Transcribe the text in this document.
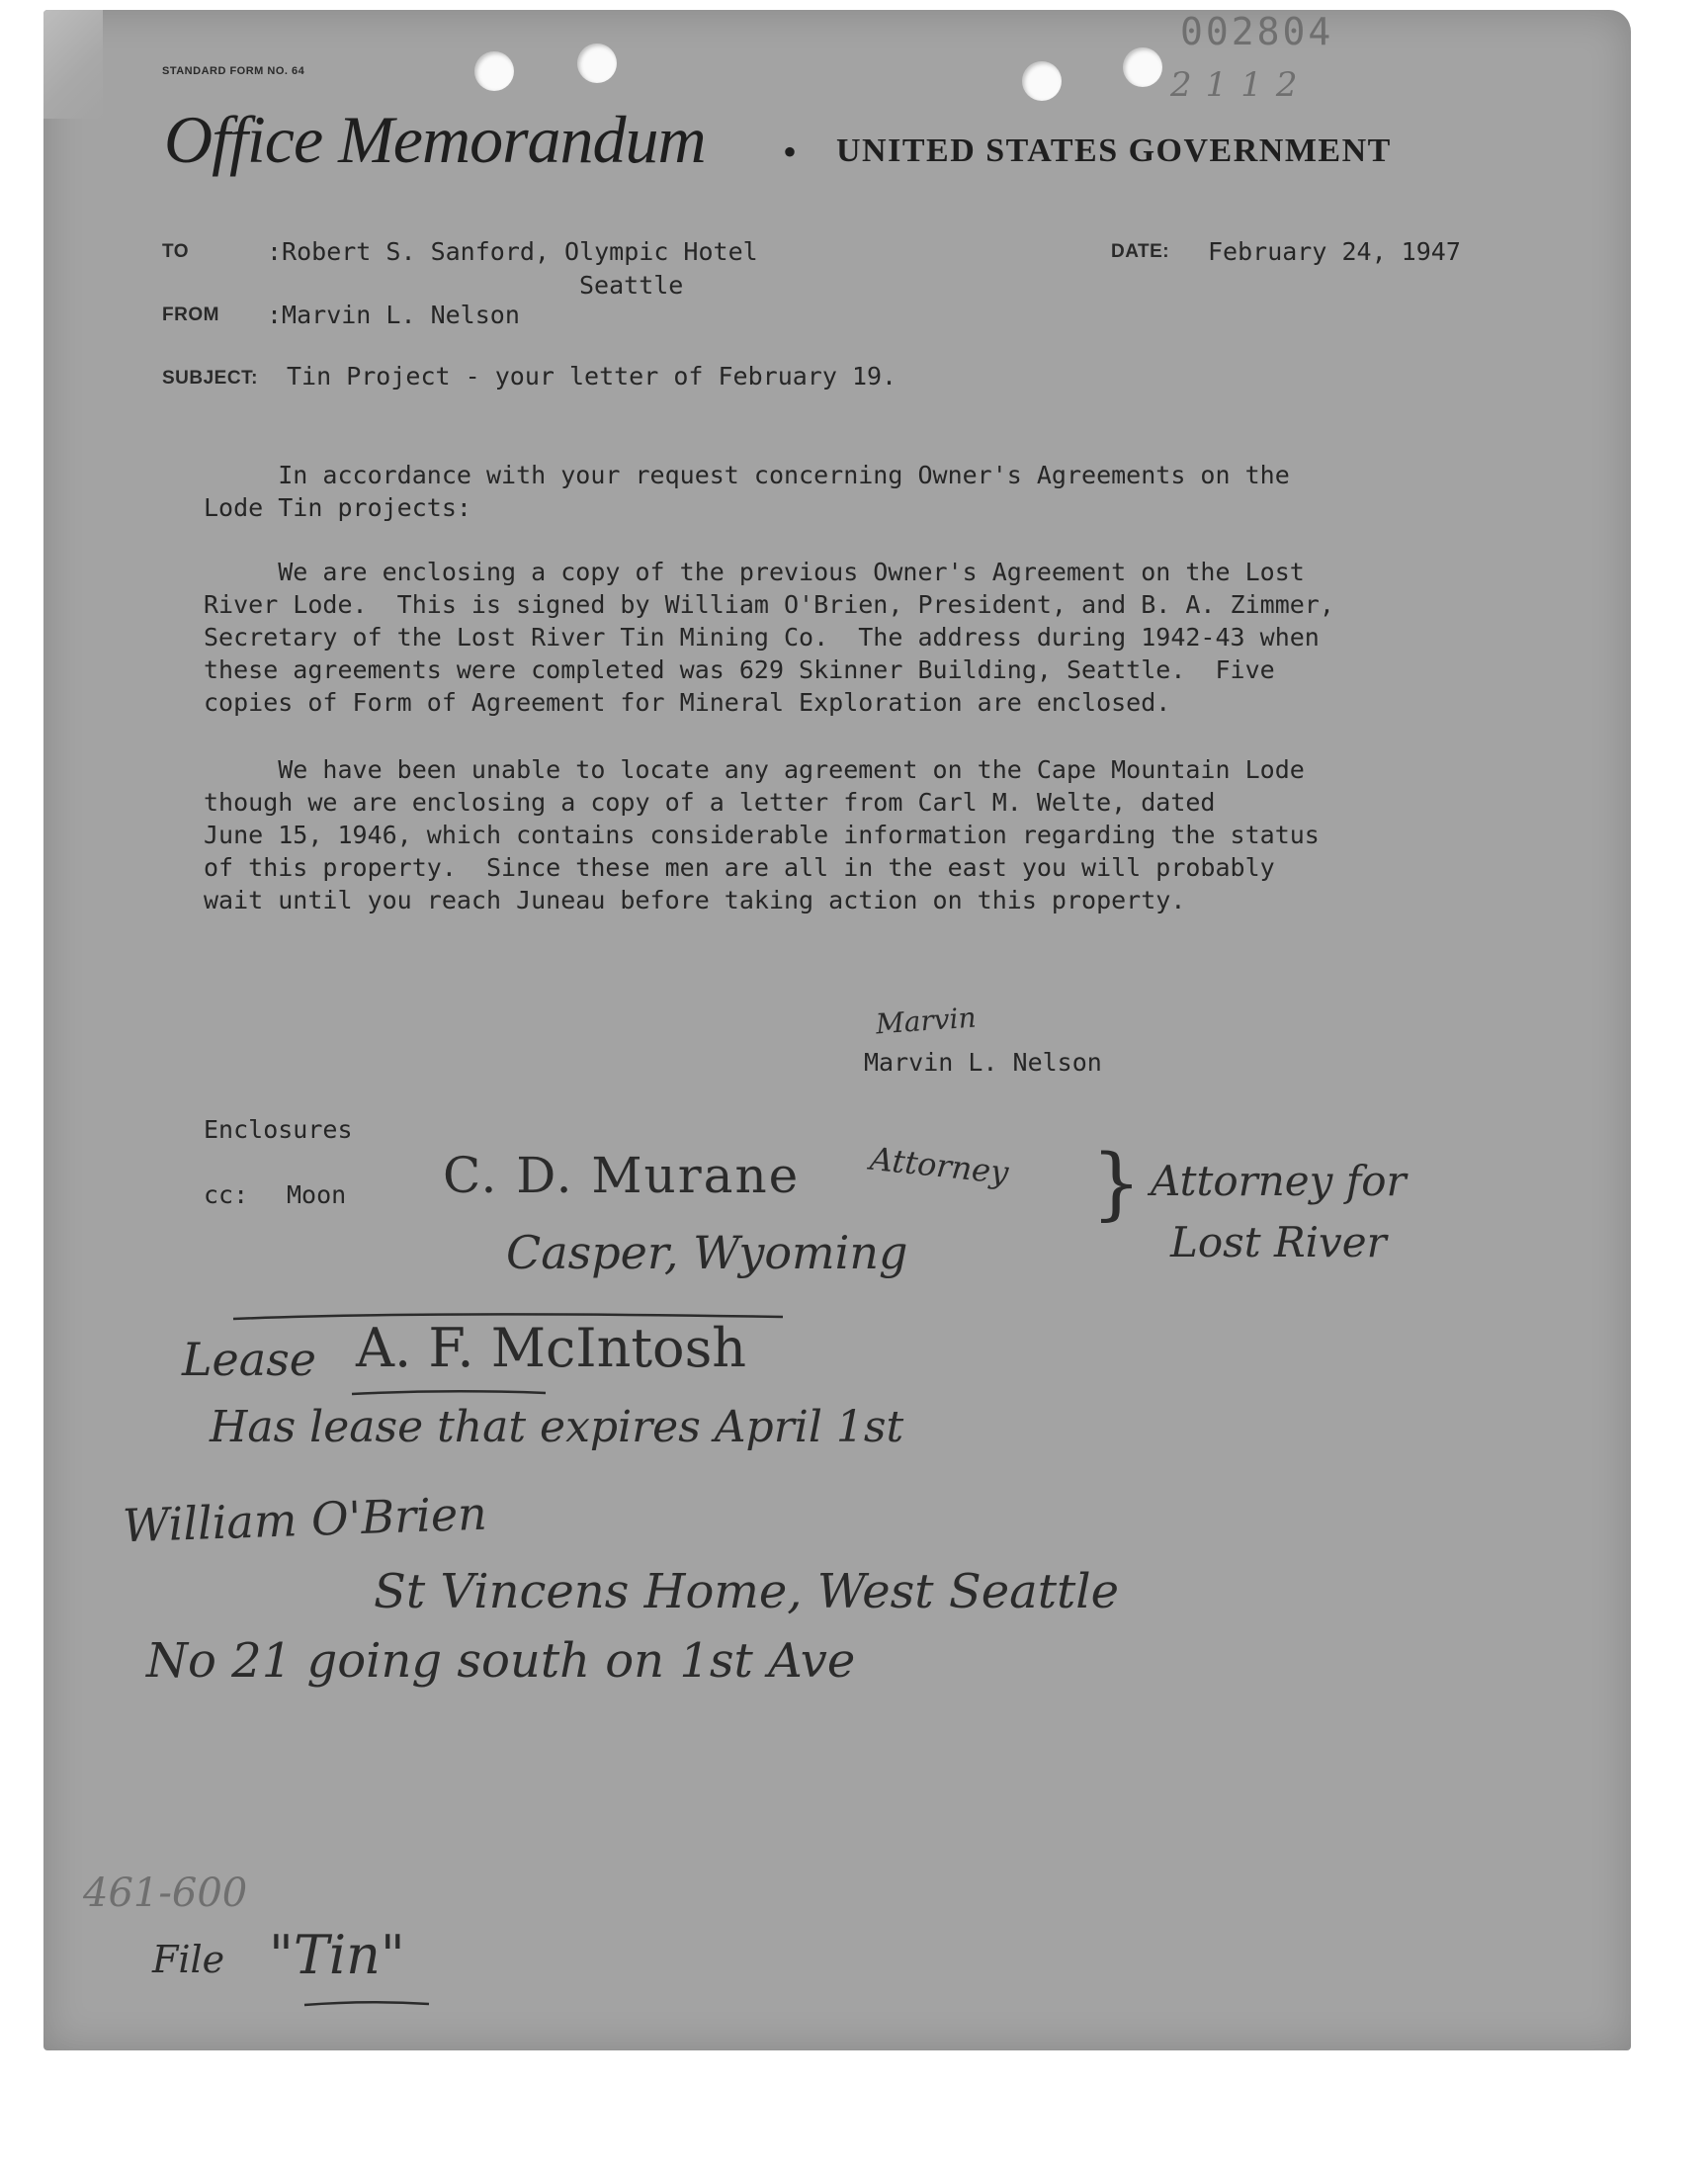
002804
2112
STANDARD FORM NO. 64
Office Memorandum • UNITED STATES GOVERNMENT
TO	:Robert S. Sanford, Olympic Hotel
Seattle
DATE: February 24, 1947
FROM :Marvin L. Nelson
SUBJECT: Tin Project - your letter of February 19.
In accordance with your request concerning Owner's Agreements on the
Lode Tin projects:
We are enclosing a copy of the previous Owner's Agreement on the Lost
River Lode.  This is signed by William O'Brien, President, and B. A. Zimmer,
Secretary of the Lost River Tin Mining Co.  The address during 1942-43 when
these agreements were completed was 629 Skinner Building, Seattle.  Five
copies of Form of Agreement for Mineral Exploration are enclosed.
We have been unable to locate any agreement on the Cape Mountain Lode
though we are enclosing a copy of a letter from Carl M. Welte, dated
June 15, 1946, which contains considerable information regarding the status
of this property.  Since these men are all in the east you will probably
wait until you reach Juneau before taking action on this property.
Marvin
Marvin L. Nelson
Enclosures
cc: Moon C. D. Murane Attorney
Casper, Wyoming
} Attorney for
Lost River
Lease A. F. McIntosh
Has lease that expires April 1st
William O'Brien
St Vincens Home, West Seattle
No 21 going south on 1st Ave
461-600
File "Tin"
